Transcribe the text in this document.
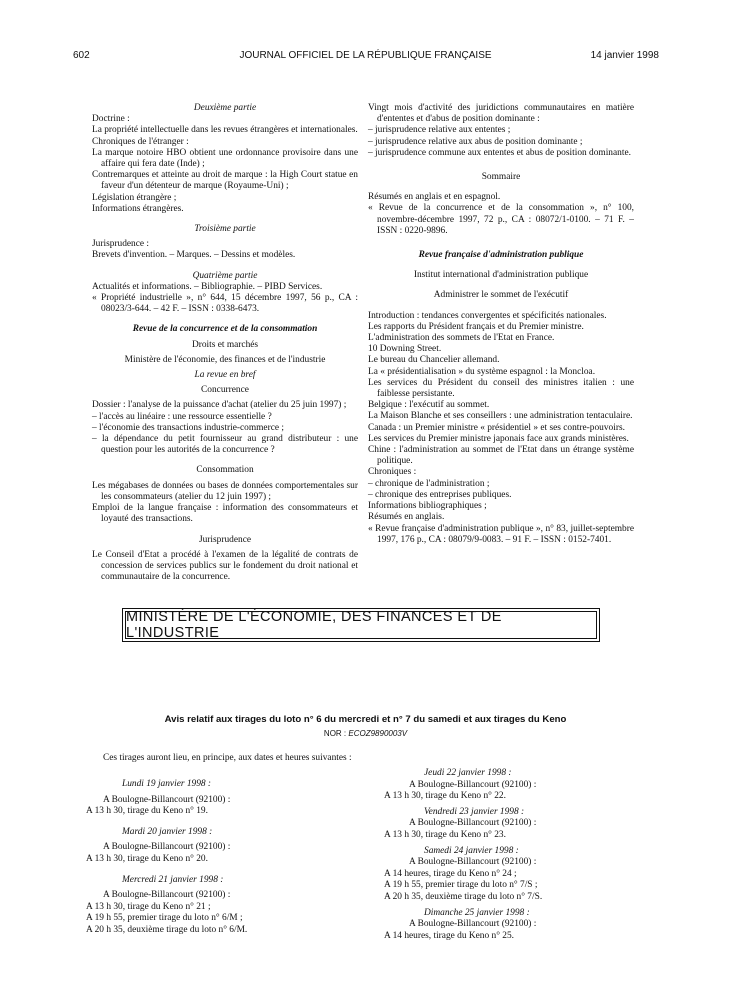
602	JOURNAL OFFICIEL DE LA RÉPUBLIQUE FRANÇAISE	14 janvier 1998

Deuxième partie

Doctrine :

La propriété intellectuelle dans les revues étrangères et internationales.

Chroniques de l'étranger :

La marque notoire HBO obtient une ordonnance provisoire dans une affaire qui fera date (Inde) ;

Contremarques et atteinte au droit de marque : la High Court statue en faveur d'un détenteur de marque (Royaume-Uni) ;

Législation étrangère ;

Informations étrangères.

Troisième partie

Jurisprudence :

Brevets d'invention. – Marques. – Dessins et modèles.

Quatrième partie

Actualités et informations. – Bibliographie. – PIBD Services.

« Propriété industrielle », n° 644, 15 décembre 1997, 56 p., CA : 08023/3-644. – 42 F. – ISSN : 0338-6473.

Revue de la concurrence et de la consommation

Droits et marchés

Ministère de l'économie, des finances et de l'industrie

La revue en bref

Concurrence

Dossier : l'analyse de la puissance d'achat (atelier du 25 juin 1997) ;

– l'accès au linéaire : une ressource essentielle ?

– l'économie des transactions industrie-commerce ;

– la dépendance du petit fournisseur au grand distributeur : une question pour les autorités de la concurrence ?

Consommation

Les mégabases de données ou bases de données comportementales sur les consommateurs (atelier du 12 juin 1997) ;

Emploi de la langue française : information des consommateurs et loyauté des transactions.

Jurisprudence

Le Conseil d'Etat a procédé à l'examen de la légalité de contrats de concession de services publics sur le fondement du droit national et communautaire de la concurrence.

Vingt mois d'activité des juridictions communautaires en matière d'ententes et d'abus de position dominante :

– jurisprudence relative aux ententes ;

– jurisprudence relative aux abus de position dominante ;

– jurisprudence commune aux ententes et abus de position dominante.

Sommaire

Résumés en anglais et en espagnol.

« Revue de la concurrence et de la consommation », n° 100, novembre-décembre 1997, 72 p., CA : 08072/1-0100. – 71 F. – ISSN : 0220-9896.

Revue française d'administration publique

Institut international d'administration publique

Administrer le sommet de l'exécutif

Introduction : tendances convergentes et spécificités nationales.

Les rapports du Président français et du Premier ministre.

L'administration des sommets de l'Etat en France.

10 Downing Street.

Le bureau du Chancelier allemand.

La « présidentialisation » du système espagnol : la Moncloa.

Les services du Président du conseil des ministres italien : une faiblesse persistante.

Belgique : l'exécutif au sommet.

La Maison Blanche et ses conseillers : une administration tentaculaire.

Canada : un Premier ministre « présidentiel » et ses contre-pouvoirs.

Les services du Premier ministre japonais face aux grands ministères.

Chine : l'administration au sommet de l'Etat dans un étrange système politique.

Chroniques :

– chronique de l'administration ;

– chronique des entreprises publiques.

Informations bibliographiques ;

Résumés en anglais.

« Revue française d'administration publique », n° 83, juillet-septembre 1997, 176 p., CA : 08079/9-0083. – 91 F. – ISSN : 0152-7401.

MINISTÈRE DE L'ÉCONOMIE, DES FINANCES ET DE L'INDUSTRIE
Avis relatif aux tirages du loto n° 6 du mercredi et n° 7 du samedi et aux tirages du Keno
NOR : ECOZ9890003V
Ces tirages auront lieu, en principe, aux dates et heures suivantes :

Lundi 19 janvier 1998 :

A Boulogne-Billancourt (92100) :

A 13 h 30, tirage du Keno n° 19.

Mardi 20 janvier 1998 :

A Boulogne-Billancourt (92100) :

A 13 h 30, tirage du Keno n° 20.

Mercredi 21 janvier 1998 :

A Boulogne-Billancourt (92100) :

A 13 h 30, tirage du Keno n° 21 ;

A 19 h 55, premier tirage du loto n° 6/M ;

A 20 h 35, deuxième tirage du loto n° 6/M.

Jeudi 22 janvier 1998 :

A Boulogne-Billancourt (92100) :

A 13 h 30, tirage du Keno n° 22.

Vendredi 23 janvier 1998 :

A Boulogne-Billancourt (92100) :

A 13 h 30, tirage du Keno n° 23.

Samedi 24 janvier 1998 :

A Boulogne-Billancourt (92100) :

A 14 heures, tirage du Keno n° 24 ;

A 19 h 55, premier tirage du loto n° 7/S ;

A 20 h 35, deuxième tirage du loto n° 7/S.

Dimanche 25 janvier 1998 :

A Boulogne-Billancourt (92100) :

A 14 heures, tirage du Keno n° 25.
